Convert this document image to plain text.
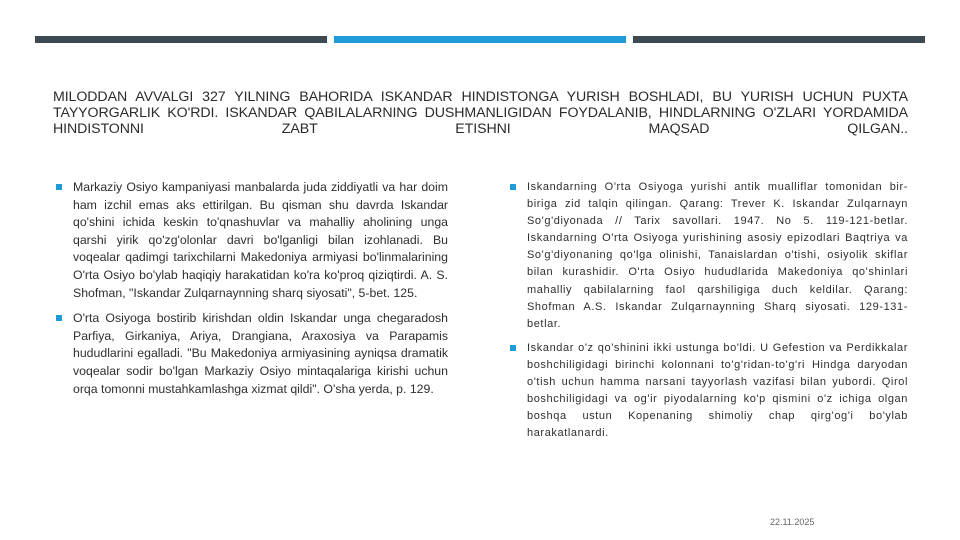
MILODDAN AVVALGI 327 YILNING BAHORIDA ISKANDAR HINDISTONGA YURISH BOSHLADI, BU YURISH UCHUN PUXTA TAYYORGARLIK KO'RDI. ISKANDAR QABILALARNING DUSHMANLIGIDAN FOYDALANIB, HINDLARNING O'ZLARI YORDAMIDA HINDISTONNI ZABT ETISHNI MAQSAD QILGAN..
Markaziy Osiyo kampaniyasi manbalarda juda ziddiyatli va har doim ham izchil emas aks ettirilgan. Bu qisman shu davrda Iskandar qo'shini ichida keskin to'qnashuvlar va mahalliy aholining unga qarshi yirik qo'zg'olonlar davri bo'lganligi bilan izohlanadi. Bu voqealar qadimgi tarixchilarni Makedoniya armiyasi bo'linmalarining O'rta Osiyo bo'ylab haqiqiy harakatidan ko'ra ko'proq qiziqtirdi. A. S. Shofman, "Iskandar Zulqarnaynning sharq siyosati", 5-bet. 125.
O'rta Osiyoga bostirib kirishdan oldin Iskandar unga chegaradosh Parfiya, Girkaniya, Ariya, Drangiana, Araxosiya va Parapamis hududlarini egalladi. "Bu Makedoniya armiyasining ayniqsa dramatik voqealar sodir bo'lgan Markaziy Osiyo mintaqalariga kirishi uchun orqa tomonni mustahkamlashga xizmat qildi". O'sha yerda, p. 129.
Iskandarning O'rta Osiyoga yurishi antik mualliflar tomonidan bir-biriga zid talqin qilingan. Qarang: Trever K. Iskandar Zulqarnayn So'g'diyonada // Tarix savollari. 1947. No 5. 119-121-betlar. Iskandarning O'rta Osiyoga yurishining asosiy epizodlari Baqtriya va So'g'diyonaning qo'lga olinishi, Tanaislardan o'tishi, osiyolik skiflar bilan kurashidir. O'rta Osiyo hududlarida Makedoniya qo'shinlari mahalliy qabilalarning faol qarshiligiga duch keldilar. Qarang: Shofman A.S. Iskandar Zulqarnaynning Sharq siyosati. 129-131-betlar.
Iskandar o'z qo'shinini ikki ustunga bo'ldi. U Gefestion va Perdikkalar boshchiligidagi birinchi kolonnani to'g'ridan-to'g'ri Hindga daryodan o'tish uchun hamma narsani tayyorlash vazifasi bilan yubordi. Qirol boshchiligidagi va og'ir piyodalarning ko'p qismini o'z ichiga olgan boshqa ustun Kopenaning shimoliy chap qirg'og'i bo'ylab harakatlanardi.
22.11.2025
